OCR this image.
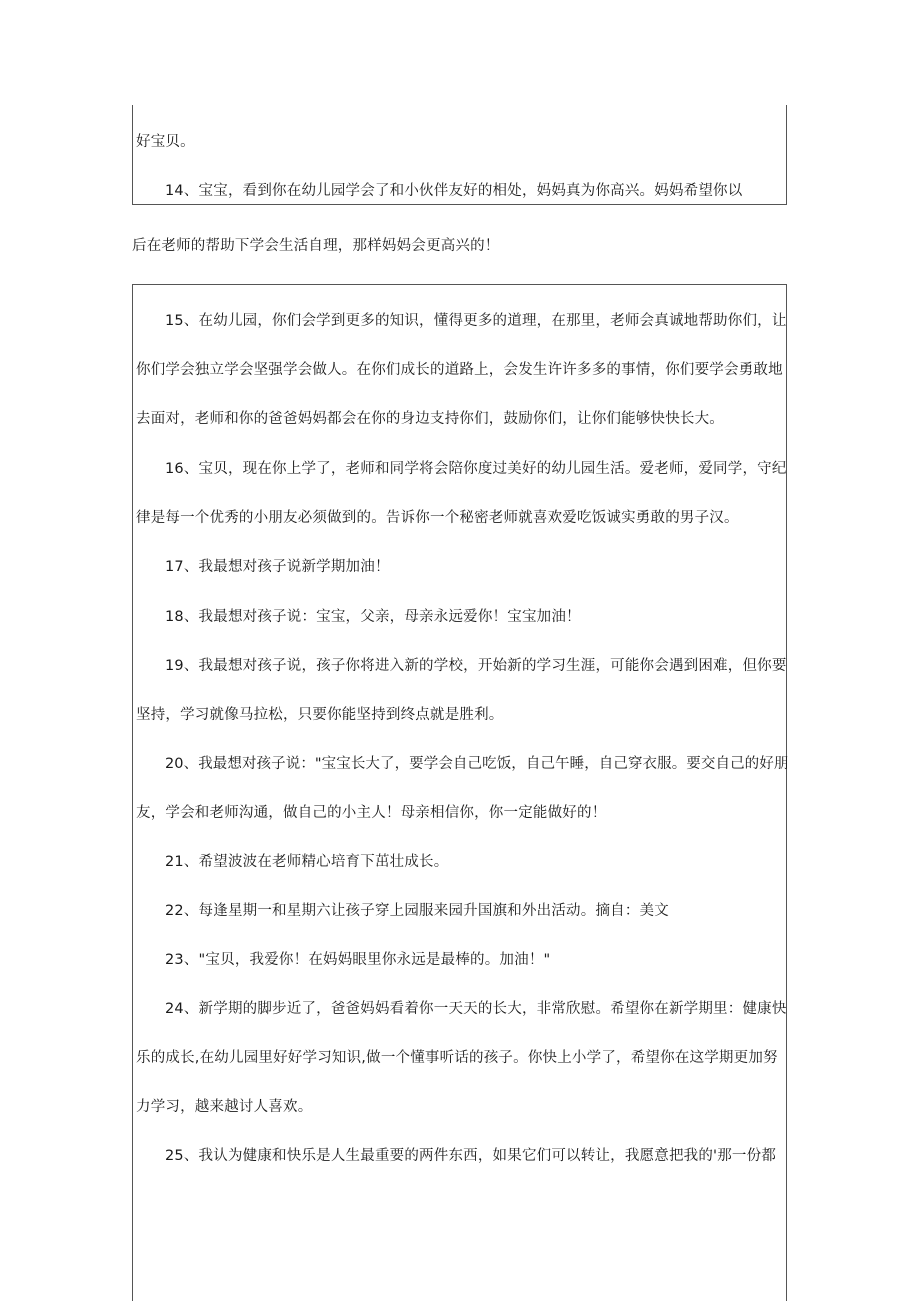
好宝贝。
14、宝宝，看到你在幼儿园学会了和小伙伴友好的相处，妈妈真为你高兴。妈妈希望你以
后在老师的帮助下学会生活自理，那样妈妈会更高兴的！
15、在幼儿园，你们会学到更多的知识，懂得更多的道理，在那里，老师会真诚地帮助你们，让
你们学会独立学会坚强学会做人。在你们成长的道路上，会发生许许多多的事情，你们要学会勇敢地
去面对，老师和你的爸爸妈妈都会在你的身边支持你们，鼓励你们，让你们能够快快长大。
16、宝贝，现在你上学了，老师和同学将会陪你度过美好的幼儿园生活。爱老师，爱同学，守纪
律是每一个优秀的小朋友必须做到的。告诉你一个秘密老师就喜欢爱吃饭诚实勇敢的男子汉。
17、我最想对孩子说新学期加油！
18、我最想对孩子说：宝宝，父亲，母亲永远爱你！宝宝加油！
19、我最想对孩子说，孩子你将进入新的学校，开始新的学习生涯，可能你会遇到困难，但你要
坚持，学习就像马拉松，只要你能坚持到终点就是胜利。
20、我最想对孩子说："宝宝长大了，要学会自己吃饭，自己午睡，自己穿衣服。要交自己的好朋
友，学会和老师沟通，做自己的小主人！母亲相信你，你一定能做好的！
21、希望波波在老师精心培育下茁壮成长。
22、每逢星期一和星期六让孩子穿上园服来园升国旗和外出活动。摘自：美文
23、"宝贝，我爱你！在妈妈眼里你永远是最棒的。加油！"
24、新学期的脚步近了，爸爸妈妈看着你一天天的长大，非常欣慰。希望你在新学期里：健康快
乐的成长,在幼儿园里好好学习知识,做一个懂事听话的孩子。你快上小学了，希望你在这学期更加努
力学习，越来越讨人喜欢。
25、我认为健康和快乐是人生最重要的两件东西，如果它们可以转让，我愿意把我的'那一份都
